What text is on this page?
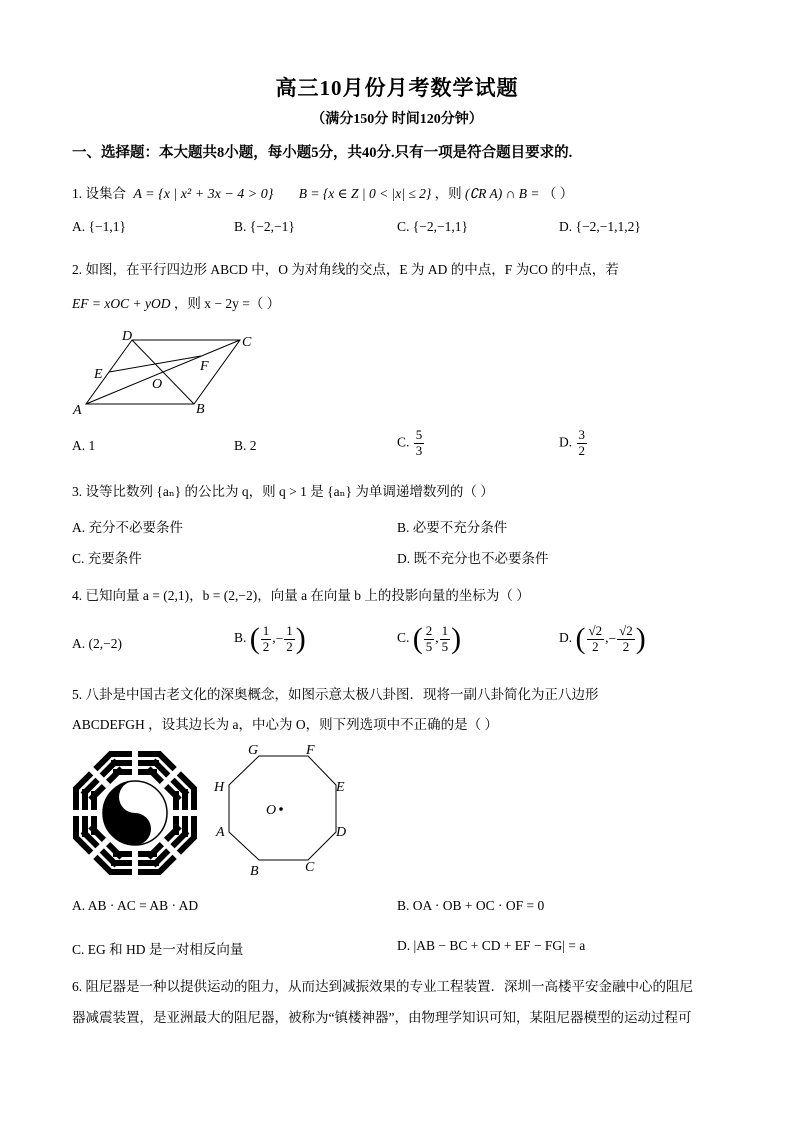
高三10月份月考数学试题
（满分150分 时间120分钟）
一、选择题：本大题共8小题，每小题5分，共40分.只有一项是符合题目要求的.
1. 设集合 A = {x | x² + 3x − 4 > 0} B = {x ∈ Z | 0 < |x| ≤ 2} ，则 (∁R A) ∩ B = （ ）
A. {−1,1}	B. {−2,−1}	C. {−2,−1,1}	D. {−2,−1,1,2}
2. 如图，在平行四边形 ABCD 中，O 为对角线的交点，E 为 AD 的中点，F 为CO 的中点，若
EF = xOC + yOD ，则 x − 2y =（ ）
A	B
C
D
E
F
O
A. 1	B. 2	C. $\frac{5}{3}$	D. $\frac{3}{2}$
3. 设等比数列 {aₙ} 的公比为 q，则 q > 1 是 {aₙ} 为单调递增数列的（ ）
A. 充分不必要条件	B. 必要不充分条件
C. 充要条件	D. 既不充分也不必要条件
4. 已知向量 a = (2,1)，b = (2,−2)，向量 a 在向量 b 上的投影向量的坐标为（ ）
A. (2,−2)	B. ( $\frac{1}{2}$ ,− $\frac{1}{2}$ )	C. ( $\frac{2}{5}$ , $\frac{1}{5}$ )	D. ( $\frac{√2}{2}$ ,− $\frac{√2}{2}$ )
5. 八卦是中国古老文化的深奥概念，如图示意太极八卦图．现将一副八卦简化为正八边形
ABCDEFGH ，设其边长为 a，中心为 O，则下列选项中不正确的是（ ）
A
B	C
D
E
F
G
H
O
A. AB · AC = AB · AD	B. OA · OB + OC · OF = 0
C. EG 和 HD 是一对相反向量	D. |AB − BC + CD + EF − FG| = a
6. 阻尼器是一种以提供运动的阻力，从而达到减振效果的专业工程装置．深圳一高楼平安金融中心的阻尼
器减震装置，是亚洲最大的阻尼器，被称为“镇楼神器”，由物理学知识可知，某阻尼器模型的运动过程可
